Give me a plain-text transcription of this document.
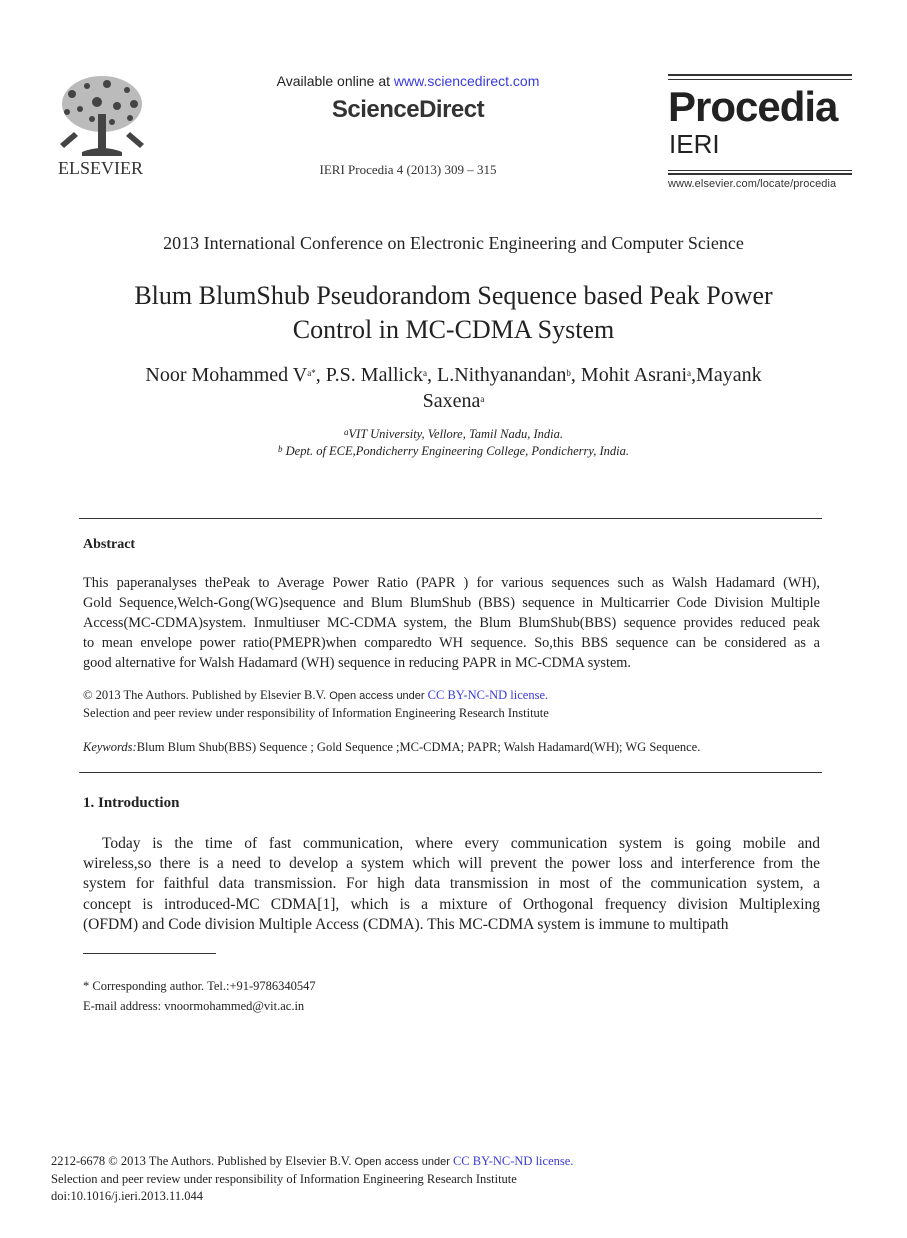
ELSEVIER
Available online at www.sciencedirect.com
ScienceDirect
IERI Procedia 4 (2013) 309 – 315
Procedia
IERI
www.elsevier.com/locate/procedia
2013 International Conference on Electronic Engineering and Computer Science
Blum BlumShub Pseudorandom Sequence based Peak Power
Control in MC-CDMA System
Noor Mohammed $V^{a*}$, P.S. Mallick$^a$, L.Nithyanandan$^b$, Mohit Asrani$^a$,Mayank
Saxena$^a$
$^a$VIT University, Vellore, Tamil Nadu, India.
$^b$ Dept. of ECE,Pondicherry Engineering College, Pondicherry, India.
Abstract
This paperanalyses thePeak to Average Power Ratio (PAPR ) for various sequences such as Walsh Hadamard (WH),
Gold Sequence,Welch-Gong(WG)sequence and Blum BlumShub (BBS) sequence in Multicarrier Code Division Multiple
Access(MC-CDMA)system. Inmultiuser MC-CDMA system, the Blum BlumShub(BBS) sequence provides reduced peak
to mean envelope power ratio(PMEPR)when comparedto WH sequence. So,this BBS sequence can be considered as a
good alternative for Walsh Hadamard (WH) sequence in reducing PAPR in MC-CDMA system.
© 2013 The Authors. Published by Elsevier B.V. Open access under CC BY-NC-ND license.
Selection and peer review under responsibility of Information Engineering Research Institute
Keywords:Blum Blum Shub(BBS) Sequence ; Gold Sequence ;MC-CDMA; PAPR; Walsh Hadamard(WH); WG Sequence.
1. Introduction
Today is the time of fast communication, where every communication system is going mobile and
wireless,so there is a need to develop a system which will prevent the power loss and interference from the
system for faithful data transmission. For high data transmission in most of the communication system, a
concept is introduced-MC CDMA[1], which is a mixture of Orthogonal frequency division Multiplexing
(OFDM) and Code division Multiple Access (CDMA). This MC-CDMA system is immune to multipath
* Corresponding author. Tel.:+91-9786340547
E-mail address: vnoormohammed@vit.ac.in
2212-6678 © 2013 The Authors. Published by Elsevier B.V. Open access under CC BY-NC-ND license.
Selection and peer review under responsibility of Information Engineering Research Institute
doi:10.1016/j.ieri.2013.11.044
